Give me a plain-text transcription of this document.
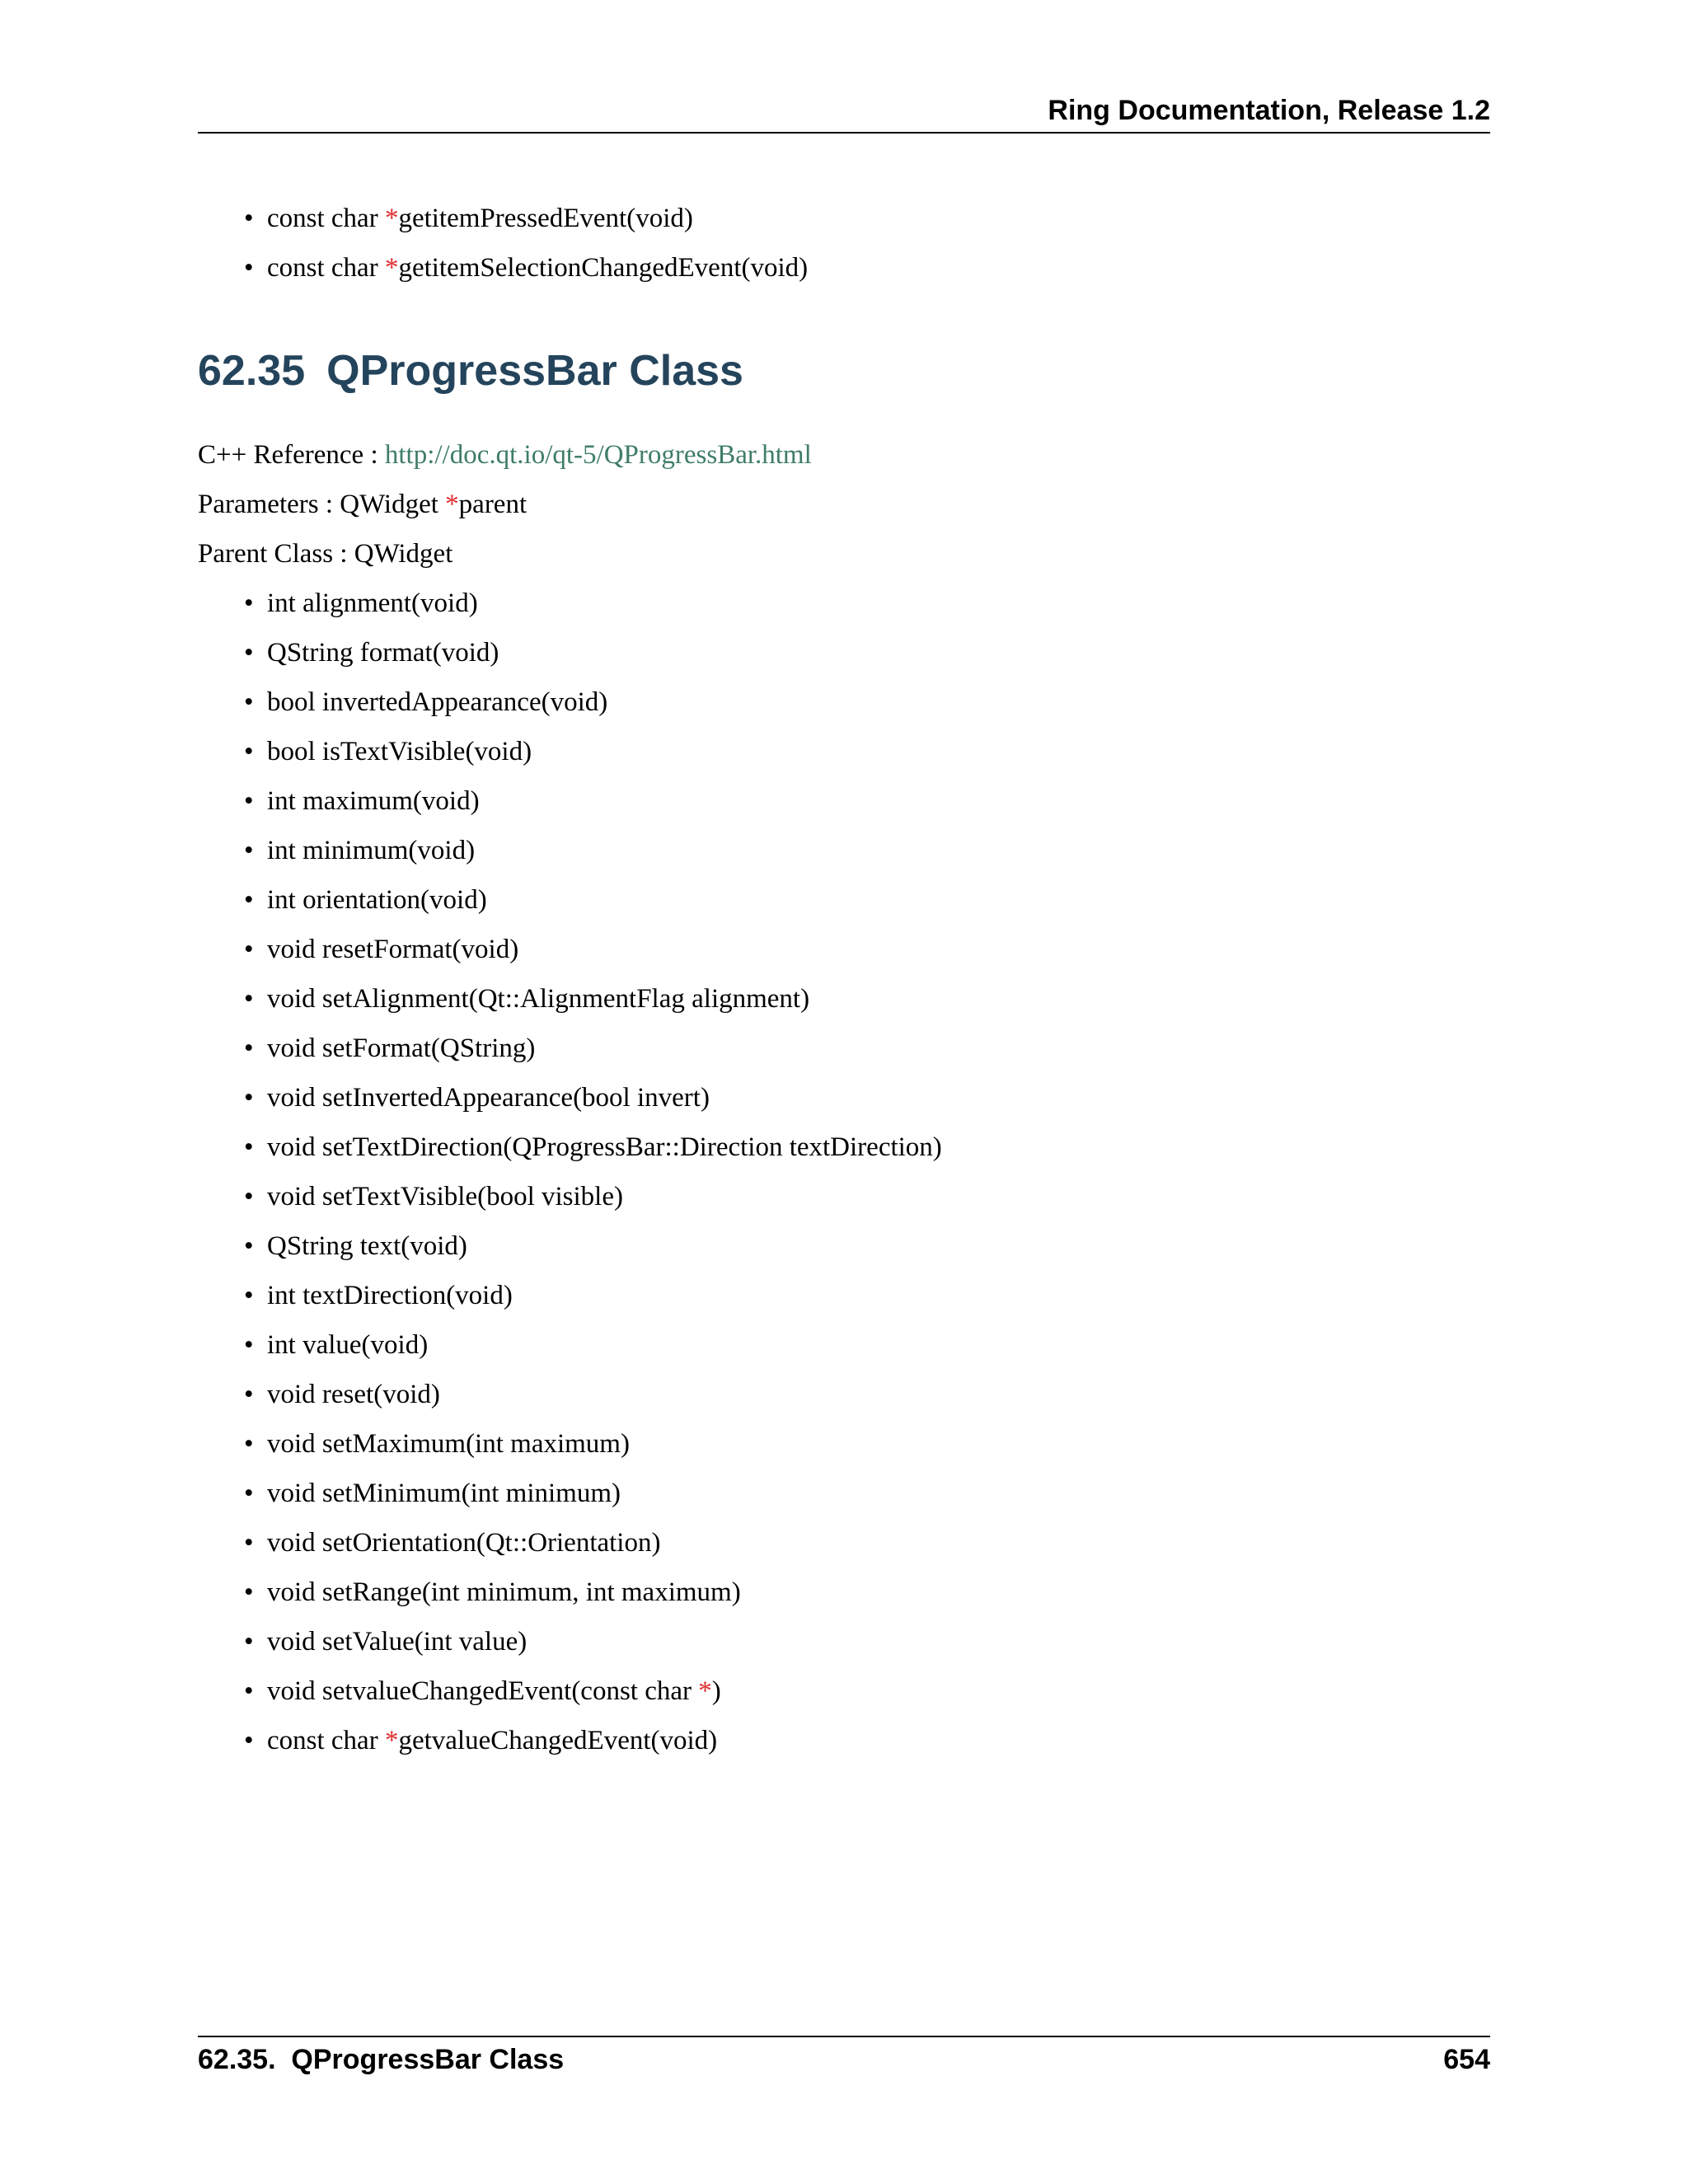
Ring Documentation, Release 1.2
• const char *getitemPressedEvent(void)
• const char *getitemSelectionChangedEvent(void)
62.35 QProgressBar Class

C++ Reference : http://doc.qt.io/qt-5/QProgressBar.html

Parameters : QWidget *parent

Parent Class : QWidget

• int alignment(void)
• QString format(void)
• bool invertedAppearance(void)
• bool isTextVisible(void)
• int maximum(void)
• int minimum(void)
• int orientation(void)
• void resetFormat(void)
• void setAlignment(Qt::AlignmentFlag alignment)
• void setFormat(QString)
• void setInvertedAppearance(bool invert)
• void setTextDirection(QProgressBar::Direction textDirection)
• void setTextVisible(bool visible)
• QString text(void)
• int textDirection(void)
• int value(void)
• void reset(void)
• void setMaximum(int maximum)
• void setMinimum(int minimum)
• void setOrientation(Qt::Orientation)
• void setRange(int minimum, int maximum)
• void setValue(int value)
• void setvalueChangedEvent(const char *)
• const char *getvalueChangedEvent(void)
62.35.  QProgressBar Class	654
